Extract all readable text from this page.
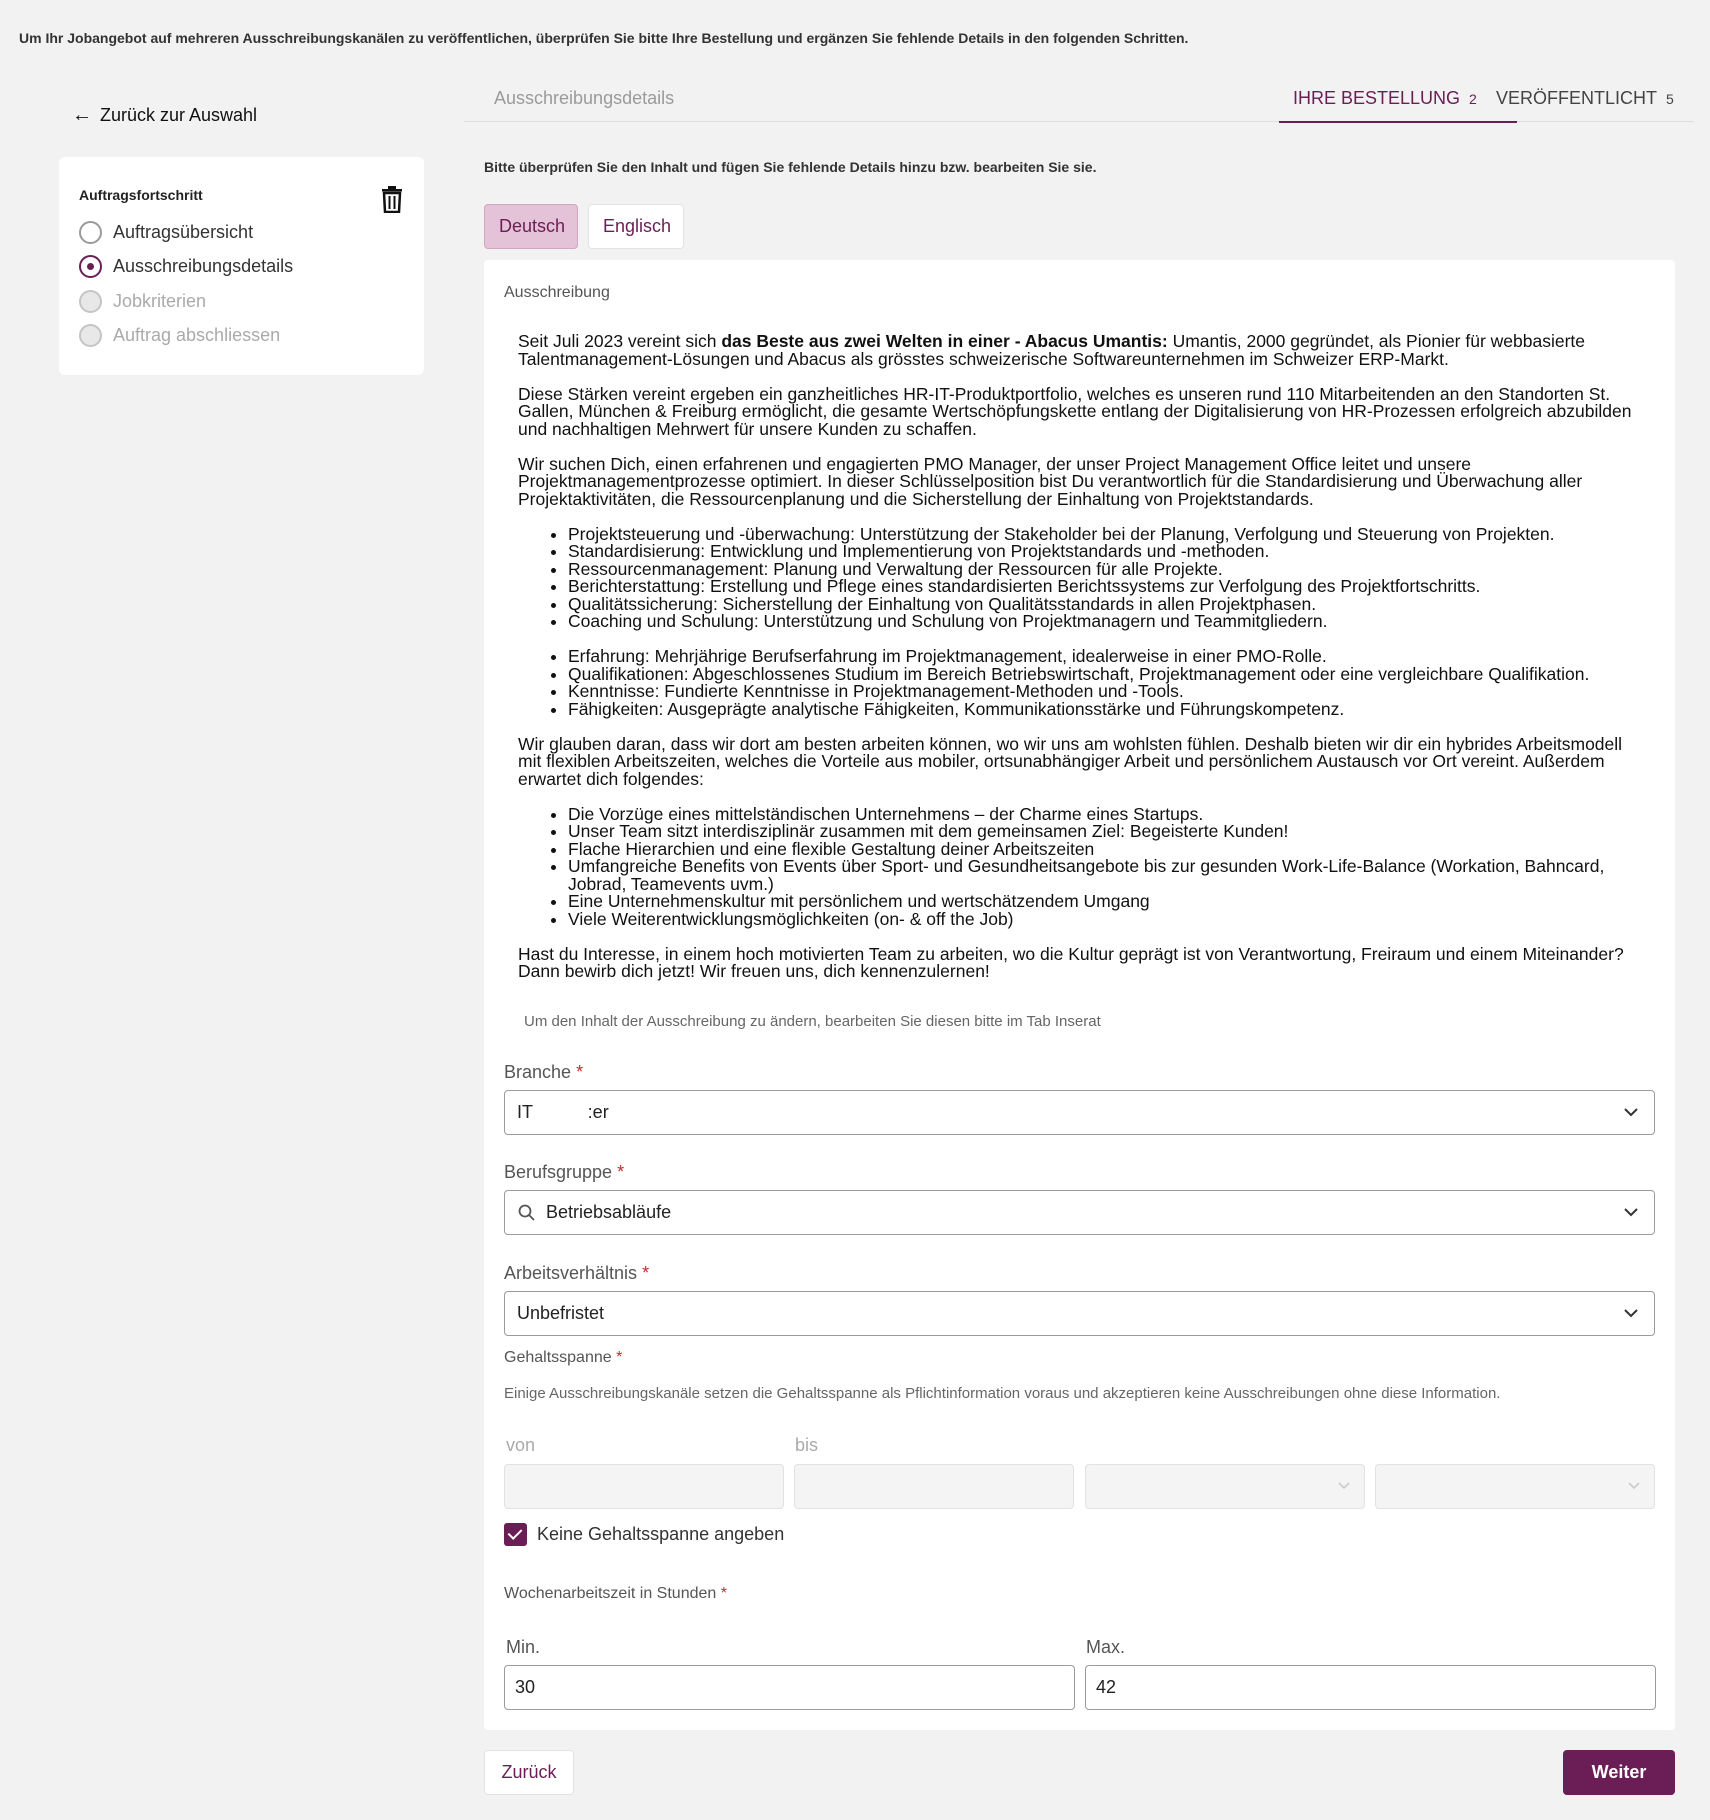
Um Ihr Jobangebot auf mehreren Ausschreibungskanälen zu veröffentlichen, überprüfen Sie bitte Ihre Bestellung und ergänzen Sie fehlende Details in den folgenden Schritten.
← Zurück zur Auswahl
Auftragsfortschritt
Auftragsübersicht
Ausschreibungsdetails
Jobkriterien
Auftrag abschliessen
Ausschreibungsdetails	IHRE BESTELLUNG 2 VERÖFFENTLICHT 5
Bitte überprüfen Sie den Inhalt und fügen Sie fehlende Details hinzu bzw. bearbeiten Sie sie.
Deutsch	Englisch
Ausschreibung

Seit Juli 2023 vereint sich das Beste aus zwei Welten in einer - Abacus Umantis: Umantis, 2000 gegründet, als Pionier für webbasierte Talentmanagement-Lösungen und Abacus als grösstes schweizerische Softwareunternehmen im Schweizer ERP-Markt.

Diese Stärken vereint ergeben ein ganzheitliches HR-IT-Produktportfolio, welches es unseren rund 110 Mitarbeitenden an den Standorten St. Gallen, München & Freiburg ermöglicht, die gesamte Wertschöpfungskette entlang der Digitalisierung von HR-Prozessen erfolgreich abzubilden und nachhaltigen Mehrwert für unsere Kunden zu schaffen.

Wir suchen Dich, einen erfahrenen und engagierten PMO Manager, der unser Project Management Office leitet und unsere Projektmanagementprozesse optimiert. In dieser Schlüsselposition bist Du verantwortlich für die Standardisierung und Überwachung aller Projektaktivitäten, die Ressourcenplanung und die Sicherstellung der Einhaltung von Projektstandards.

• Projektsteuerung und -überwachung: Unterstützung der Stakeholder bei der Planung, Verfolgung und Steuerung von Projekten.
• Standardisierung: Entwicklung und Implementierung von Projektstandards und -methoden.
• Ressourcenmanagement: Planung und Verwaltung der Ressourcen für alle Projekte.
• Berichterstattung: Erstellung und Pflege eines standardisierten Berichtssystems zur Verfolgung des Projektfortschritts.
• Qualitätssicherung: Sicherstellung der Einhaltung von Qualitätsstandards in allen Projektphasen.
• Coaching und Schulung: Unterstützung und Schulung von Projektmanagern und Teammitgliedern.
• Erfahrung: Mehrjährige Berufserfahrung im Projektmanagement, idealerweise in einer PMO-Rolle.
• Qualifikationen: Abgeschlossenes Studium im Bereich Betriebswirtschaft, Projektmanagement oder eine vergleichbare Qualifikation.
• Kenntnisse: Fundierte Kenntnisse in Projektmanagement-Methoden und -Tools.
• Fähigkeiten: Ausgeprägte analytische Fähigkeiten, Kommunikationsstärke und Führungskompetenz.

Wir glauben daran, dass wir dort am besten arbeiten können, wo wir uns am wohlsten fühlen. Deshalb bieten wir dir ein hybrides Arbeitsmodell mit flexiblen Arbeitszeiten, welches die Vorteile aus mobiler, ortsunabhängiger Arbeit und persönlichem Austausch vor Ort vereint. Außerdem erwartet dich folgendes:

• Die Vorzüge eines mittelständischen Unternehmens – der Charme eines Startups.
• Unser Team sitzt interdisziplinär zusammen mit dem gemeinsamen Ziel: Begeisterte Kunden!
• Flache Hierarchien und eine flexible Gestaltung deiner Arbeitszeiten
• Umfangreiche Benefits von Events über Sport- und Gesundheitsangebote bis zur gesunden Work-Life-Balance (Workation, Bahncard, Jobrad, Teamevents uvm.)
• Eine Unternehmenskultur mit persönlichem und wertschätzendem Umgang
• Viele Weiterentwicklungsmöglichkeiten (on- & off the Job)

Hast du Interesse, in einem hoch motivierten Team zu arbeiten, wo die Kultur geprägt ist von Verantwortung, Freiraum und einem Miteinander? Dann bewirb dich jetzt! Wir freuen uns, dich kennenzulernen!

Um den Inhalt der Ausschreibung zu ändern, bearbeiten Sie diesen bitte im Tab Inserat
Branche *
IT           :er
Berufsgruppe *
Betriebsabläufe
Arbeitsverhältnis *
Unbefristet
Gehaltsspanne *
Einige Ausschreibungskanäle setzen die Gehaltsspanne als Pflichtinformation voraus und akzeptieren keine Ausschreibungen ohne diese Information.
von	bis
Keine Gehaltsspanne angeben
Wochenarbeitszeit in Stunden *
Min.	Max.
30	42
Zurück	Weiter
